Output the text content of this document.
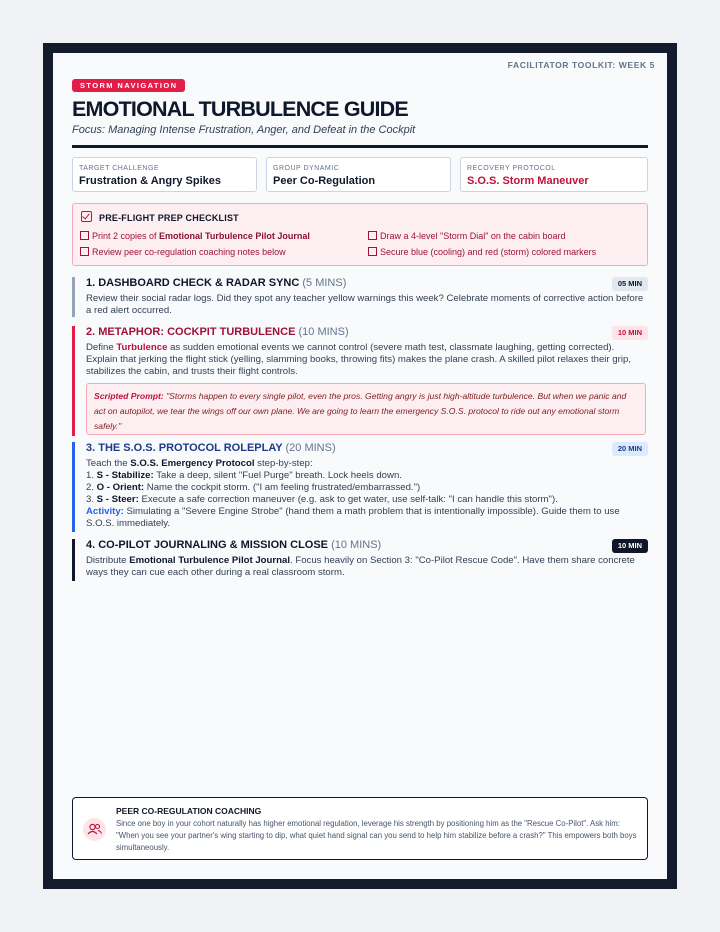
FACILITATOR TOOLKIT: WEEK 5
STORM NAVIGATION
EMOTIONAL TURBULENCE GUIDE
Focus: Managing Intense Frustration, Anger, and Defeat in the Cockpit
TARGET CHALLENGE
Frustration & Angry Spikes
GROUP DYNAMIC
Peer Co-Regulation
RECOVERY PROTOCOL
S.O.S. Storm Maneuver
PRE-FLIGHT PREP CHECKLIST
Print 2 copies of Emotional Turbulence Pilot Journal	Draw a 4-level "Storm Dial" on the cabin board
Review peer co-regulation coaching notes below	Secure blue (cooling) and red (storm) colored markers
1. DASHBOARD CHECK & RADAR SYNC (5 MINS)	05 MIN
Review their social radar logs. Did they spot any teacher yellow warnings this week? Celebrate moments of corrective action before a red alert occurred.
2. METAPHOR: COCKPIT TURBULENCE (10 MINS)	10 MIN
Define Turbulence as sudden emotional events we cannot control (severe math test, classmate laughing, getting corrected). Explain that jerking the flight stick (yelling, slamming books, throwing fits) makes the plane crash. A skilled pilot relaxes their grip, stabilizes the cabin, and trusts their flight controls.
Scripted Prompt: "Storms happen to every single pilot, even the pros. Getting angry is just high-altitude turbulence. But when we panic and act on autopilot, we tear the wings off our own plane. We are going to learn the emergency S.O.S. protocol to ride out any emotional storm safely."
3. THE S.O.S. PROTOCOL ROLEPLAY (20 MINS)	20 MIN
Teach the S.O.S. Emergency Protocol step-by-step:
1. S - Stabilize: Take a deep, silent "Fuel Purge" breath. Lock heels down.
2. O - Orient: Name the cockpit storm. ("I am feeling frustrated/embarrassed.")
3. S - Steer: Execute a safe correction maneuver (e.g. ask to get water, use self-talk: "I can handle this storm").
Activity: Simulating a "Severe Engine Strobe" (hand them a math problem that is intentionally impossible). Guide them to use S.O.S. immediately.
4. CO-PILOT JOURNALING & MISSION CLOSE (10 MINS)	10 MIN
Distribute Emotional Turbulence Pilot Journal. Focus heavily on Section 3: "Co-Pilot Rescue Code". Have them share concrete ways they can cue each other during a real classroom storm.
PEER CO-REGULATION COACHING
Since one boy in your cohort naturally has higher emotional regulation, leverage his strength by positioning him as the "Rescue Co-Pilot". Ask him: "When you see your partner's wing starting to dip, what quiet hand signal can you send to help him stabilize before a crash?" This empowers both boys simultaneously.
